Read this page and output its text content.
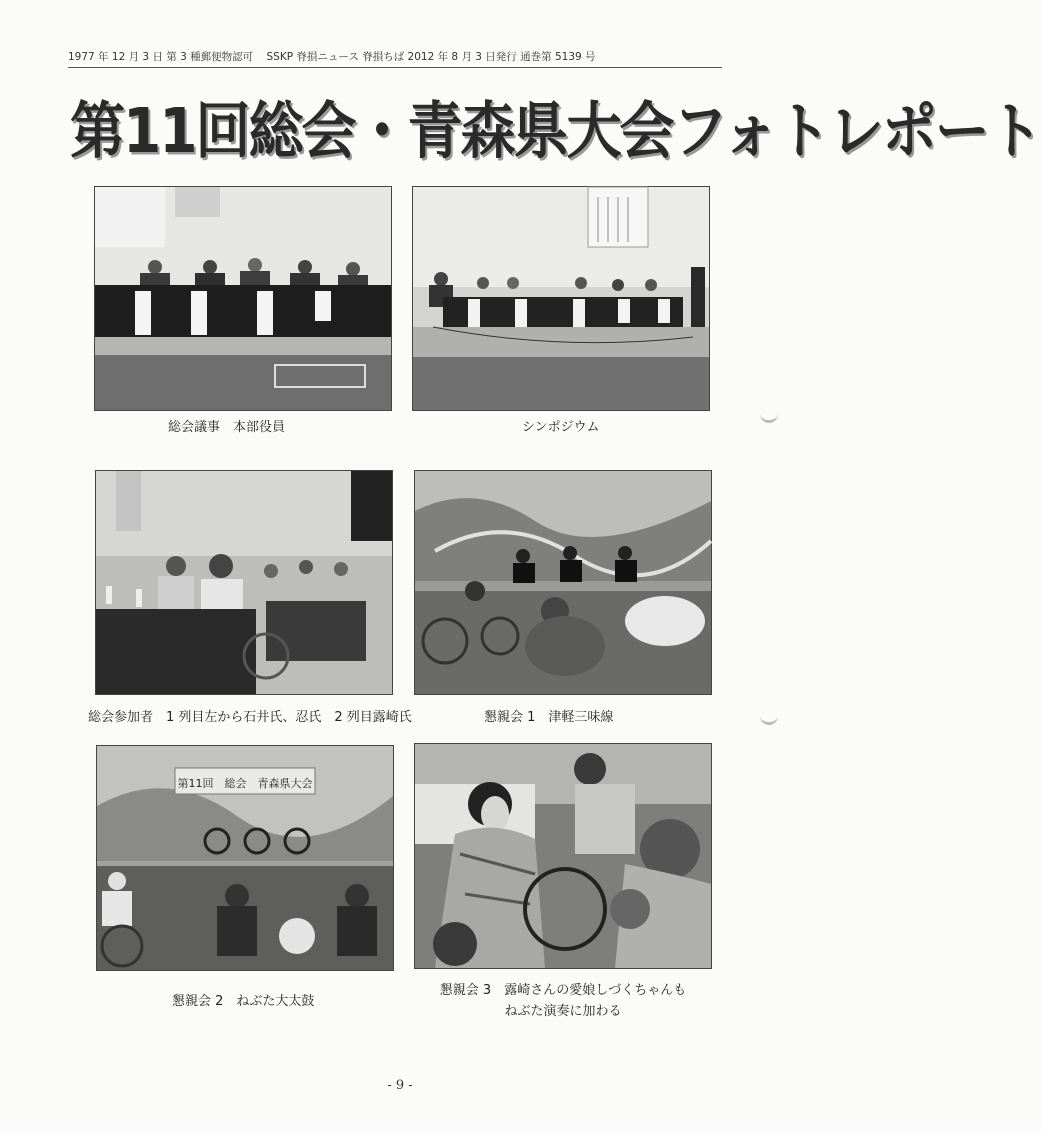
1977 年 12 月 3 日 第 3 種郵便物認可 SSKP 脊損ニュース 脊損ちば 2012 年 8 月 3 日発行 通巻第 5139 号
第11回総会・青森県大会フォトレポート
総会議事　本部役員	シンポジウム
総会参加者　1 列目左から石井氏、忍氏　2 列目露崎氏	懇親会 1　津軽三味線
第11回　総会　青森県大会
懇親会 2　ねぶた大太鼓
懇親会 3　露崎さんの愛娘しづくちゃんも
ねぶた演奏に加わる
- 9 -
